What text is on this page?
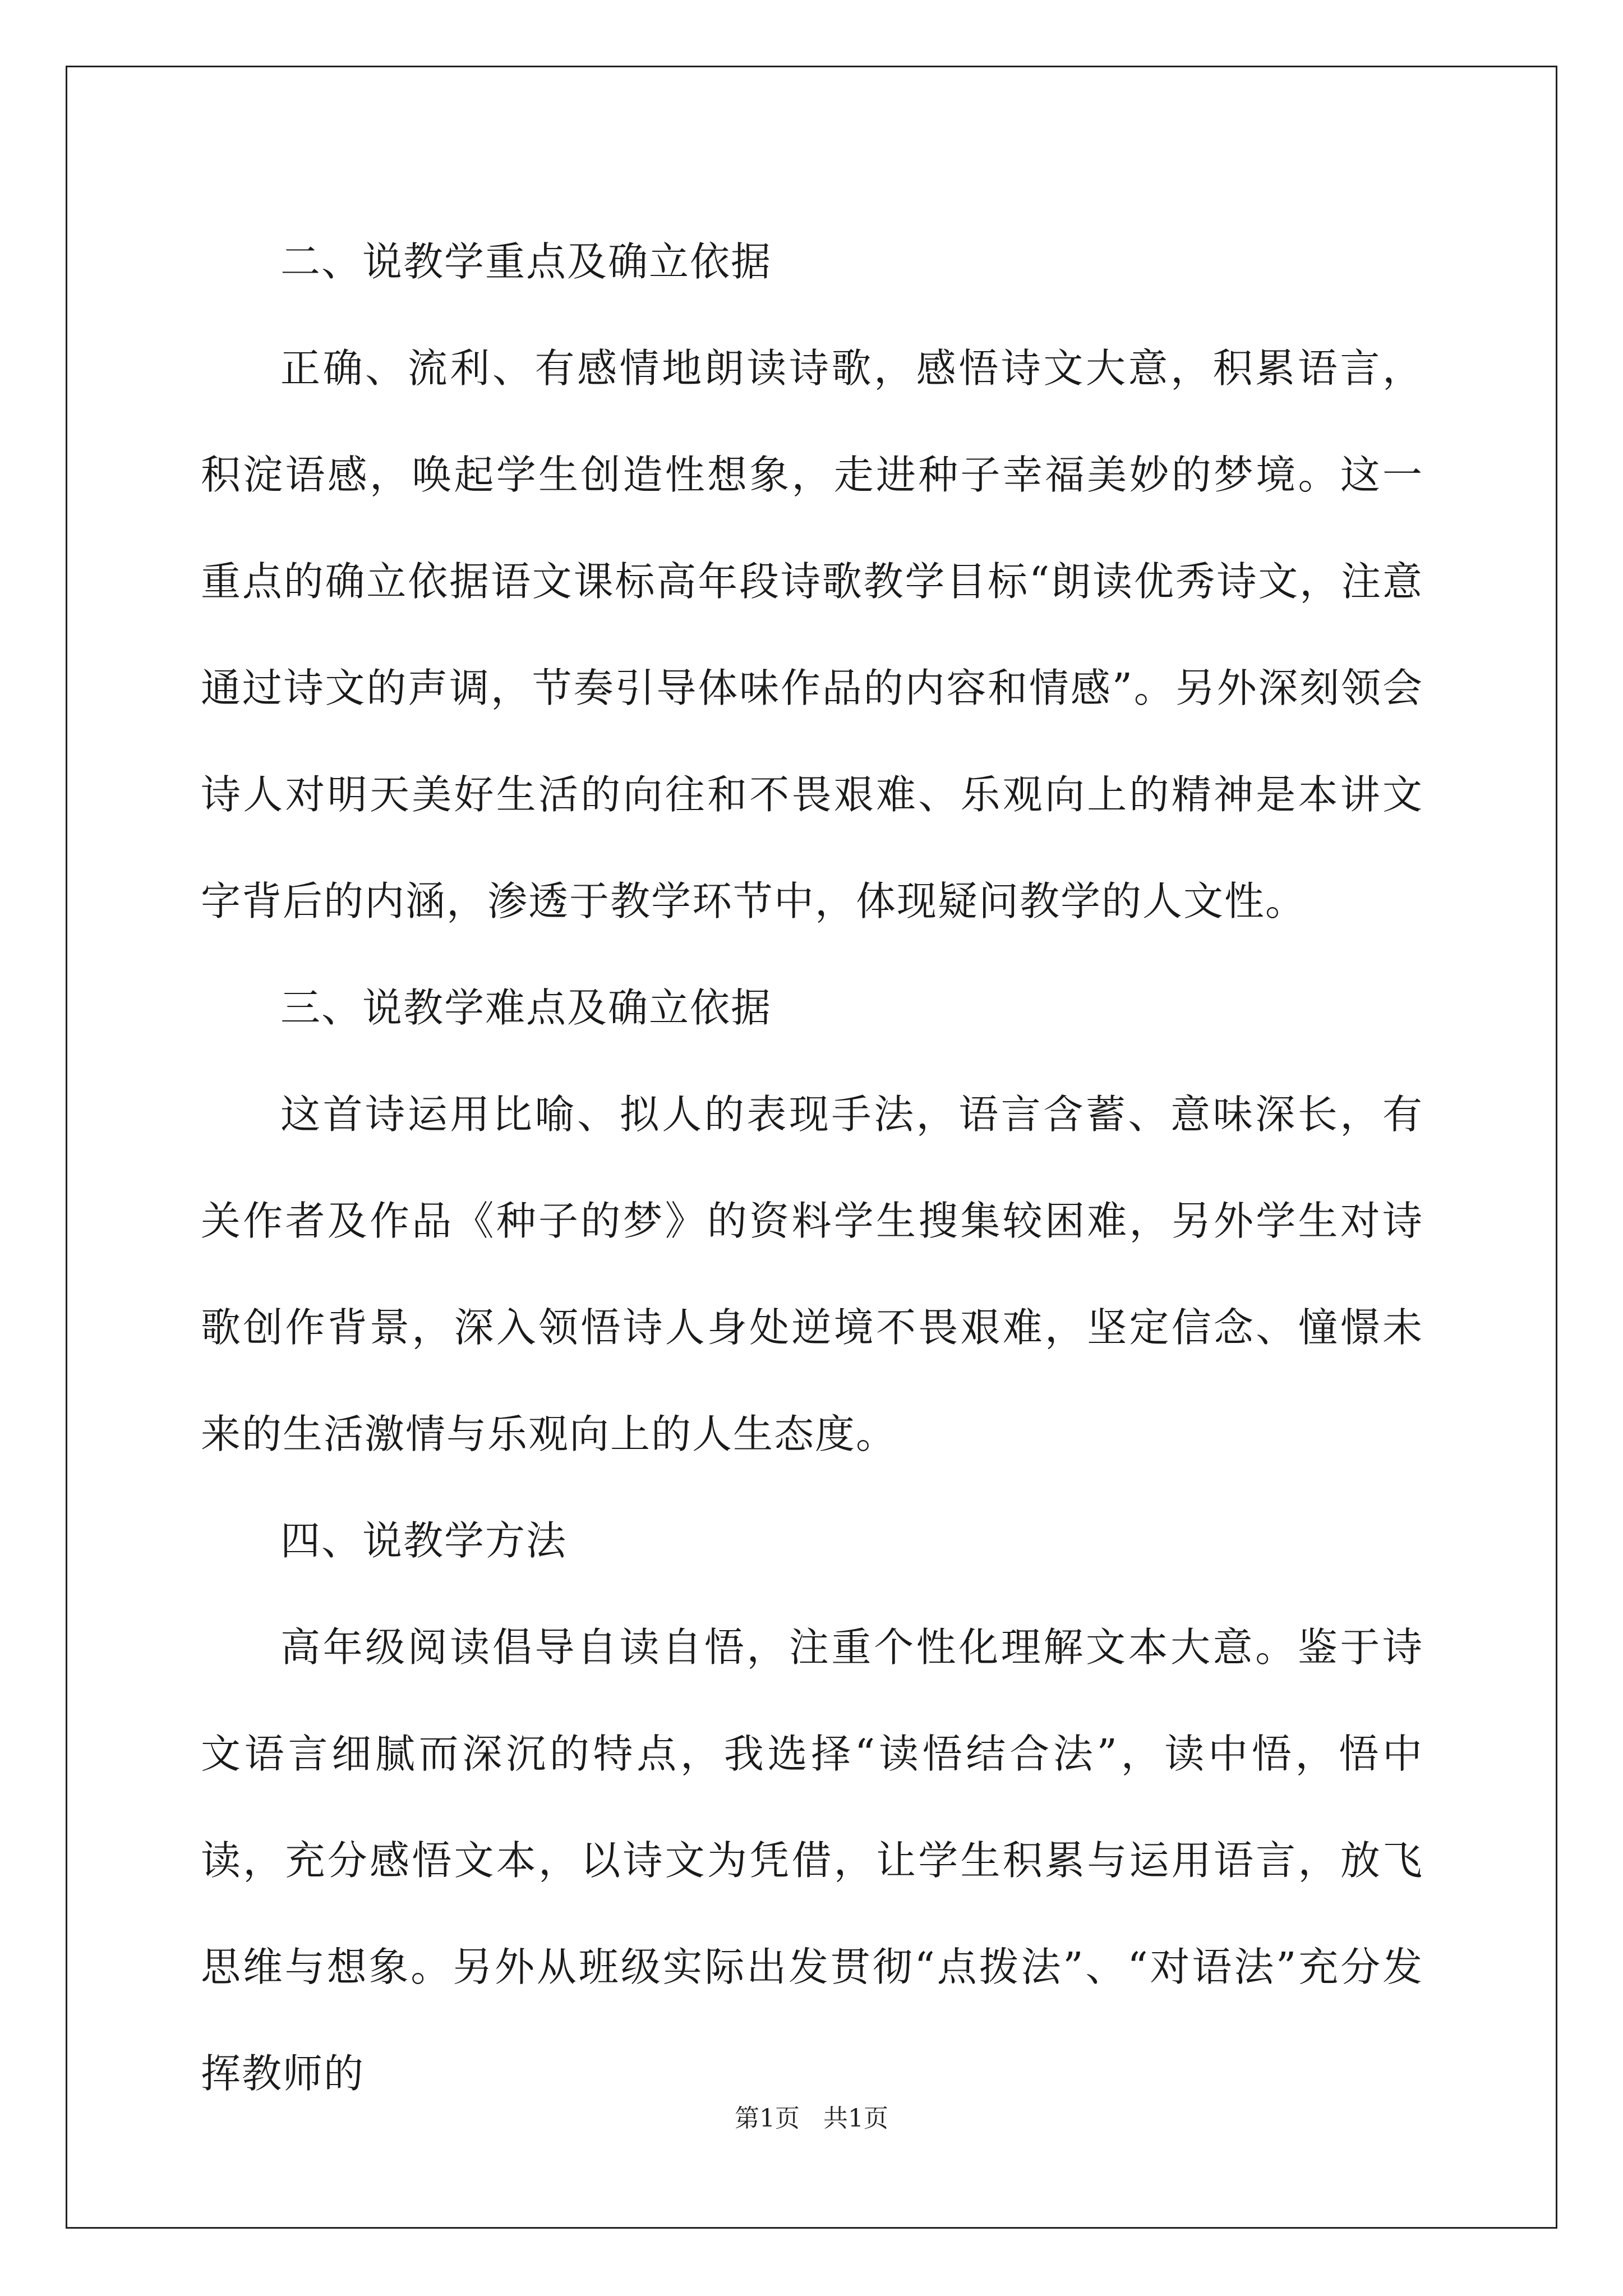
二、说教学重点及确立依据

正确、流利、有感情地朗读诗歌，感悟诗文大意，积累语言，积淀语感，唤起学生创造性想象，走进种子幸福美妙的梦境。这一重点的确立依据语文课标高年段诗歌教学目标“朗读优秀诗文，注意通过诗文的声调，节奏引导体味作品的内容和情感”。另外深刻领会诗人对明天美好生活的向往和不畏艰难、乐观向上的精神是本讲文字背后的内涵，渗透于教学环节中，体现疑问教学的人文性。

三、说教学难点及确立依据

这首诗运用比喻、拟人的表现手法，语言含蓄、意味深长，有关作者及作品《种子的梦》的资料学生搜集较困难，另外学生对诗歌创作背景，深入领悟诗人身处逆境不畏艰难，坚定信念、憧憬未来的生活激情与乐观向上的人生态度。

四、说教学方法

高年级阅读倡导自读自悟，注重个性化理解文本大意。鉴于诗文语言细腻而深沉的特点，我选择“读悟结合法”，读中悟，悟中读，充分感悟文本，以诗文为凭借，让学生积累与运用语言，放飞思维与想象。另外从班级实际出发贯彻“点拨法”、“对语法”充分发挥教师的

第1页 共1页
